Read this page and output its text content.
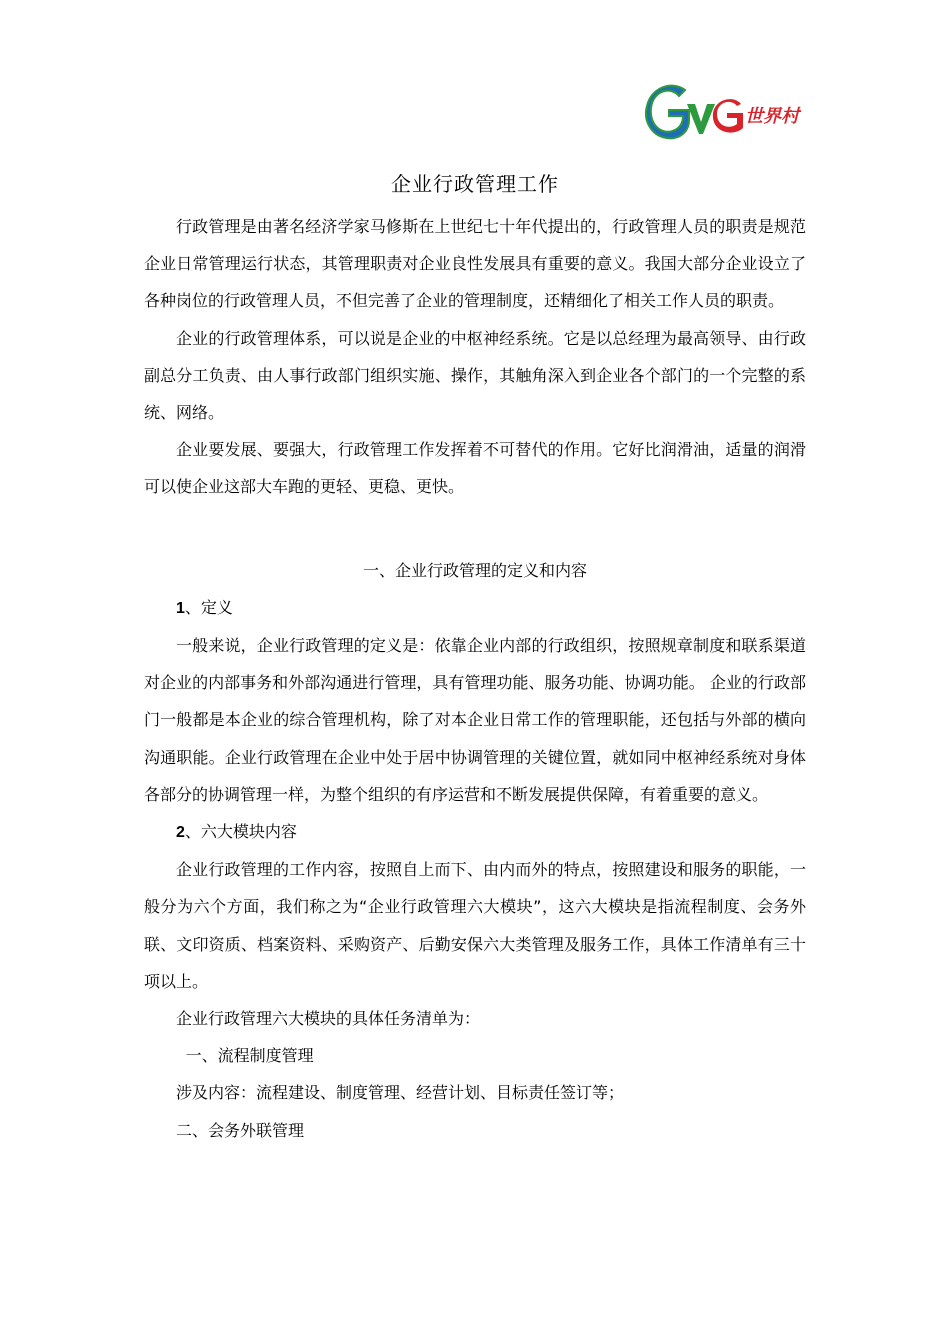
世界村
企业行政管理工作

行政管理是由著名经济学家马修斯在上世纪七十年代提出的，行政管理人员的职责是规范企业日常管理运行状态，其管理职责对企业良性发展具有重要的意义。我国大部分企业设立了各种岗位的行政管理人员，不但完善了企业的管理制度，还精细化了相关工作人员的职责。

企业的行政管理体系，可以说是企业的中枢神经系统。它是以总经理为最高领导、由行政副总分工负责、由人事行政部门组织实施、操作，其触角深入到企业各个部门的一个完整的系统、网络。

企业要发展、要强大，行政管理工作发挥着不可替代的作用。它好比润滑油，适量的润滑可以使企业这部大车跑的更轻、更稳、更快。

一、企业行政管理的定义和内容

1、定义

一般来说，企业行政管理的定义是：依靠企业内部的行政组织，按照规章制度和联系渠道对企业的内部事务和外部沟通进行管理，具有管理功能、服务功能、协调功能。 企业的行政部门一般都是本企业的综合管理机构，除了对本企业日常工作的管理职能，还包括与外部的横向沟通职能。企业行政管理在企业中处于居中协调管理的关键位置，就如同中枢神经系统对身体各部分的协调管理一样，为整个组织的有序运营和不断发展提供保障，有着重要的意义。

2、六大模块内容

企业行政管理的工作内容，按照自上而下、由内而外的特点，按照建设和服务的职能，一般分为六个方面，我们称之为“企业行政管理六大模块”，这六大模块是指流程制度、会务外联、文印资质、档案资料、采购资产、后勤安保六大类管理及服务工作，具体工作清单有三十项以上。

企业行政管理六大模块的具体任务清单为：

一、流程制度管理

涉及内容：流程建设、制度管理、经营计划、目标责任签订等；

二、会务外联管理
